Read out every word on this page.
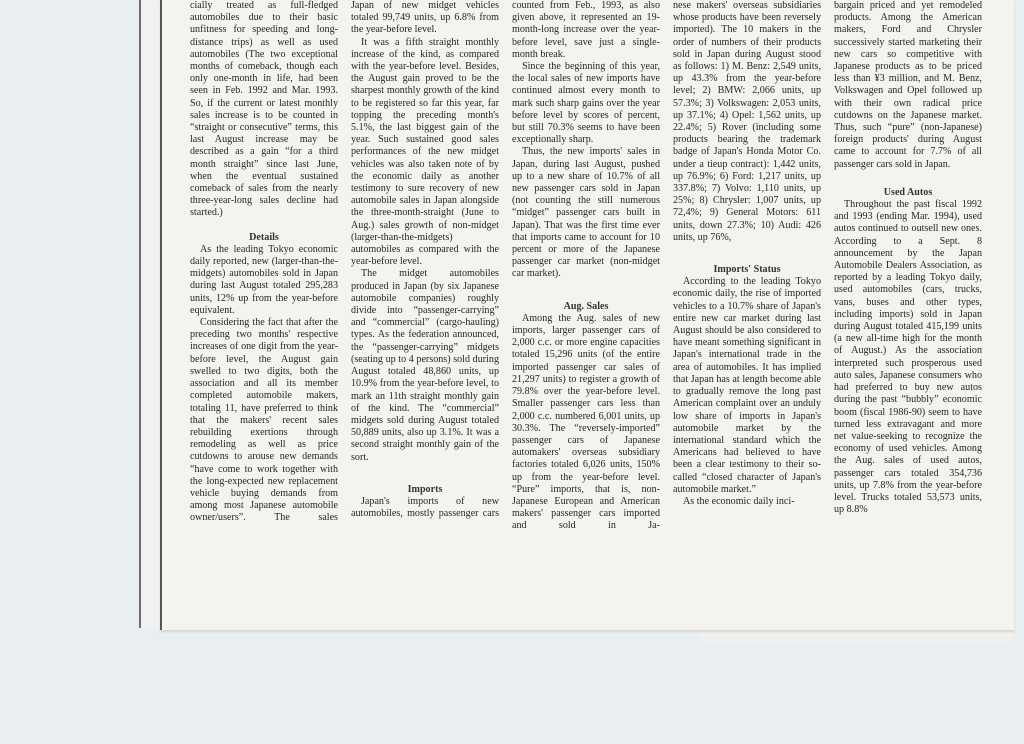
cially treated as full-fledged automobiles due to their basic unfitness for speeding and long-distance trips) as well as used automobiles (The two exceptional months of comeback, though each only one-month in life, had been seen in Feb. 1992 and Mar. 1993. So, if the current or latest monthly sales increase is to be counted in “straight or consecutive” terms, this last August increase may be described as a gain “for a third month straight” since last June, when the eventual sustained comeback of sales from the nearly three-year-long sales decline had started.)

Details

As the leading Tokyo economic daily reported, new (larger-than-the-midgets) automobiles sold in Japan during last August totaled 295,283 units, 12% up from the year-before equivalent.

Considering the fact that after the preceding two months' respective increases of one digit from the year-before level, the August gain swelled to two digits, both the association and all its member completed automobile makers, totaling 11, have preferred to think that the makers' recent sales rebuilding exertions through remodeling as well as price cutdowns to arouse new demands “have come to work together with the long-expected new replacement vehicle buying demands from among most Japanese automobile owner/users”. The sales

Japan of new midget vehicles totaled 99,749 units, up 6.8% from the year-before level.

It was a fifth straight monthly increase of the kind, as compared with the year-before level. Besides, the August gain proved to be the sharpest monthly growth of the kind to be registered so far this year, far topping the preceding month's 5.1%, the last biggest gain of the year. Such sustained good sales performances of the new midget vehicles was also taken note of by the economic daily as another testimony to sure recovery of new automobile sales in Japan alongside the three-month-straight (June to Aug.) sales growth of non-midget (larger-than-the-midgets) automobiles as compared with the year-before level.

The midget automobiles produced in Japan (by six Japanese automobile companies) roughly divide into “passenger-carrying” and “commercial” (cargo-hauling) types. As the federation announced, the “passenger-carrying” midgets (seating up to 4 persons) sold during August totaled 48,860 units, up 10.9% from the year-before level, to mark an 11th straight monthly gain of the kind. The “commercial” midgets sold during August totaled 50,889 units, also up 3.1%. It was a second straight monthly gain of the sort.

Imports

Japan's imports of new automobiles, mostly passenger cars

counted from Feb., 1993, as also given above, it represented an 19-month-long increase over the year-before level, save just a single-month break.

Since the beginning of this year, the local sales of new imports have continued almost every month to mark such sharp gains over the year before level by scores of percent, but still 70.3% seems to have been exceptionally sharp.

Thus, the new imports' sales in Japan, during last August, pushed up to a new share of 10.7% of all new passenger cars sold in Japan (not counting the still numerous “midget” passenger cars built in Japan). That was the first time ever that imports came to account for 10 percent or more of the Japanese passenger car market (non-midget car market).

Aug. Sales

Among the Aug. sales of new imports, larger passenger cars of 2,000 c.c. or more engine capacities totaled 15,296 units (of the entire imported passenger car sales of 21,297 units) to register a growth of 79.8% over the year-before level. Smaller passenger cars less than 2,000 c.c. numbered 6,001 units, up 30.3%. The “reversely-imported” passenger cars of Japanese automakers' overseas subsidiary factories totaled 6,026 units, 150% up from the year-before level. “Pure” imports, that is, non-Japanese European and American makers' passenger cars imported and sold in Ja-

nese makers' overseas subsidiaries whose products have been reversely imported). The 10 makers in the order of numbers of their products sold in Japan during August stood as follows: 1) M. Benz: 2,549 units, up 43.3% from the year-before level; 2) BMW: 2,066 units, up 57.3%; 3) Volkswagen: 2,053 units, up 37.1%; 4) Opel: 1,562 units, up 22.4%; 5) Rover (including some products bearing the trademark badge of Japan's Honda Motor Co. under a tieup contract): 1,442 units, up 76.9%; 6) Ford: 1,217 units, up 337.8%; 7) Volvo: 1,110 units, up 25%; 8) Chrysler: 1,007 units, up 72,4%; 9) General Motors: 611 units, down 27.3%; 10) Audi: 426 units, up 76%,

Imports' Status

According to the leading Tokyo economic daily, the rise of imported vehicles to a 10.7% share of Japan's entire new car market during last August should be also considered to have meant something significant in Japan's international trade in the area of automobiles. It has implied that Japan has at length become able to gradually remove the long past American complaint over an unduly low share of imports in Japan's automobile market by the international standard which the Americans had believed to have been a clear testimony to their so-called “closed character of Japan's automobile market.”

As the economic daily inci-

bargain priced and yet remodeled products. Among the American makers, Ford and Chrysler successively started marketing their new cars so competitive with Japanese products as to be priced less than ¥3 million, and M. Benz, Volkswagen and Opel followed up with their own radical price cutdowns on the Japanese market. Thus, such “pure” (non-Japanese) foreign products' during August came to account for 7.7% of all passenger cars sold in Japan.

Used Autos

Throughout the past fiscal 1992 and 1993 (ending Mar. 1994), used autos continued to outsell new ones. According to a Sept. 8 announcement by the Japan Automobile Dealers Association, as reported by a leading Tokyo daily, used automobiles (cars, trucks, vans, buses and other types, including imports) sold in Japan during August totaled 415,199 units (a new all-time high for the month of August.) As the association interpreted such prosperous used auto sales, Japanese consumers who had preferred to buy new autos during the past “bubbly” economic boom (fiscal 1986-90) seem to have turned less extravagant and more net value-seeking to recognize the economy of used vehicles. Among the Aug. sales of used autos, passenger cars totaled 354,736 units, up 7.8% from the year-before level. Trucks totaled 53,573 units, up 8.8%
